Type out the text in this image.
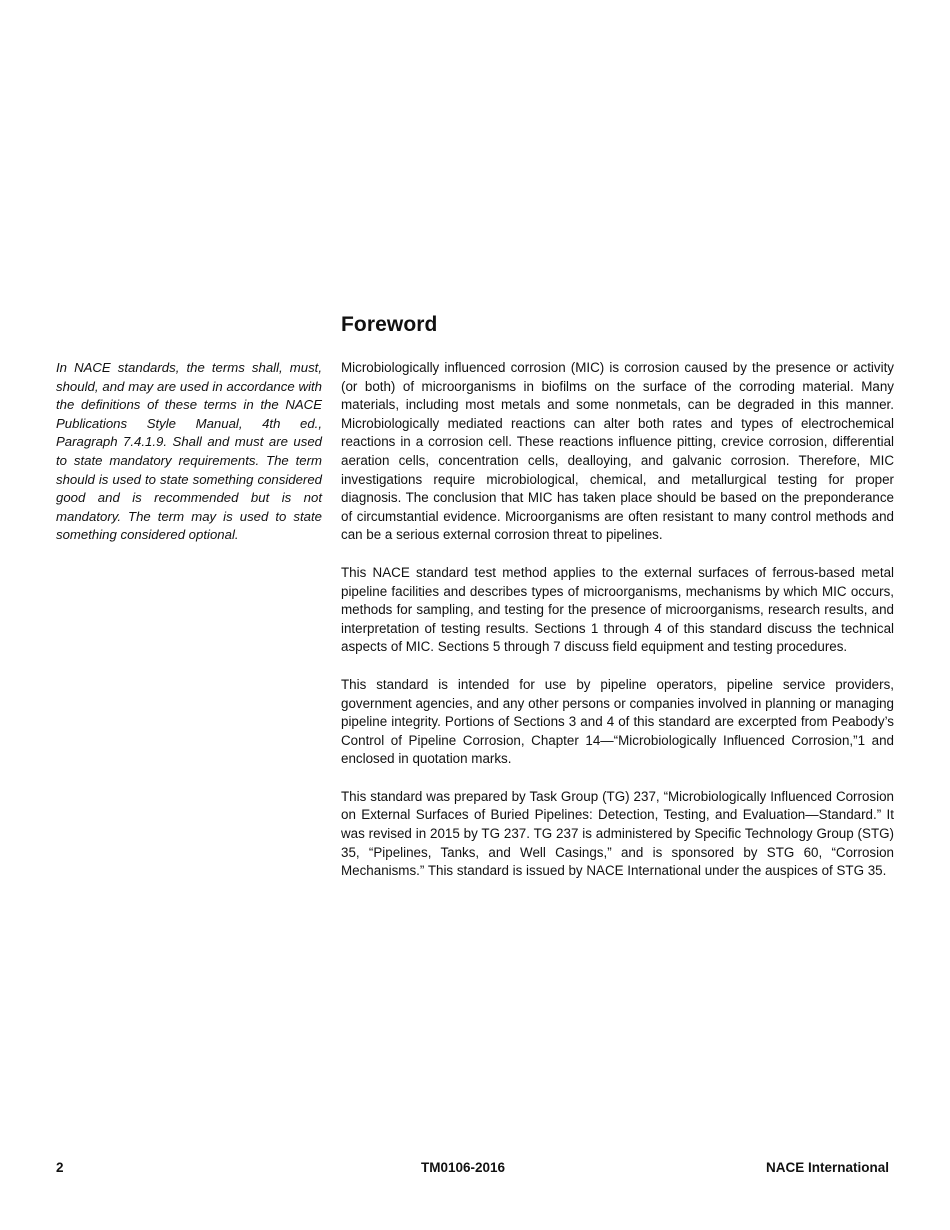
In NACE standards, the terms shall, must, should, and may are used in accordance with the definitions of these terms in the NACE Publications Style Manual, 4th ed., Paragraph 7.4.1.9. Shall and must are used to state mandatory requirements. The term should is used to state something considered good and is recommended but is not mandatory. The term may is used to state something considered optional.

Foreword

Microbiologically influenced corrosion (MIC) is corrosion caused by the presence or activity (or both) of microorganisms in biofilms on the surface of the corroding material. Many materials, including most metals and some nonmetals, can be degraded in this manner. Microbiologically mediated reactions can alter both rates and types of electrochemical reactions in a corrosion cell. These reactions influence pitting, crevice corrosion, differential aeration cells, concentration cells, dealloying, and galvanic corrosion. Therefore, MIC investigations require microbiological, chemical, and metallurgical testing for proper diagnosis. The conclusion that MIC has taken place should be based on the preponderance of circumstantial evidence. Microorganisms are often resistant to many control methods and can be a serious external corrosion threat to pipelines.

This NACE standard test method applies to the external surfaces of ferrous-based metal pipeline facilities and describes types of microorganisms, mechanisms by which MIC occurs, methods for sampling, and testing for the presence of microorganisms, research results, and interpretation of testing results. Sections 1 through 4 of this standard discuss the technical aspects of MIC. Sections 5 through 7 discuss field equipment and testing procedures.

This standard is intended for use by pipeline operators, pipeline service providers, government agencies, and any other persons or companies involved in planning or managing pipeline integrity. Portions of Sections 3 and 4 of this standard are excerpted from Peabody’s Control of Pipeline Corrosion, Chapter 14—“Microbiologically Influenced Corrosion,”1 and enclosed in quotation marks.

This standard was prepared by Task Group (TG) 237, “Microbiologically Influenced Corrosion on External Surfaces of Buried Pipelines: Detection, Testing, and Evaluation—Standard.” It was revised in 2015 by TG 237. TG 237 is administered by Specific Technology Group (STG) 35, “Pipelines, Tanks, and Well Casings,” and is sponsored by STG 60, “Corrosion Mechanisms.” This standard is issued by NACE International under the auspices of STG 35.

2	TM0106-2016	NACE International
